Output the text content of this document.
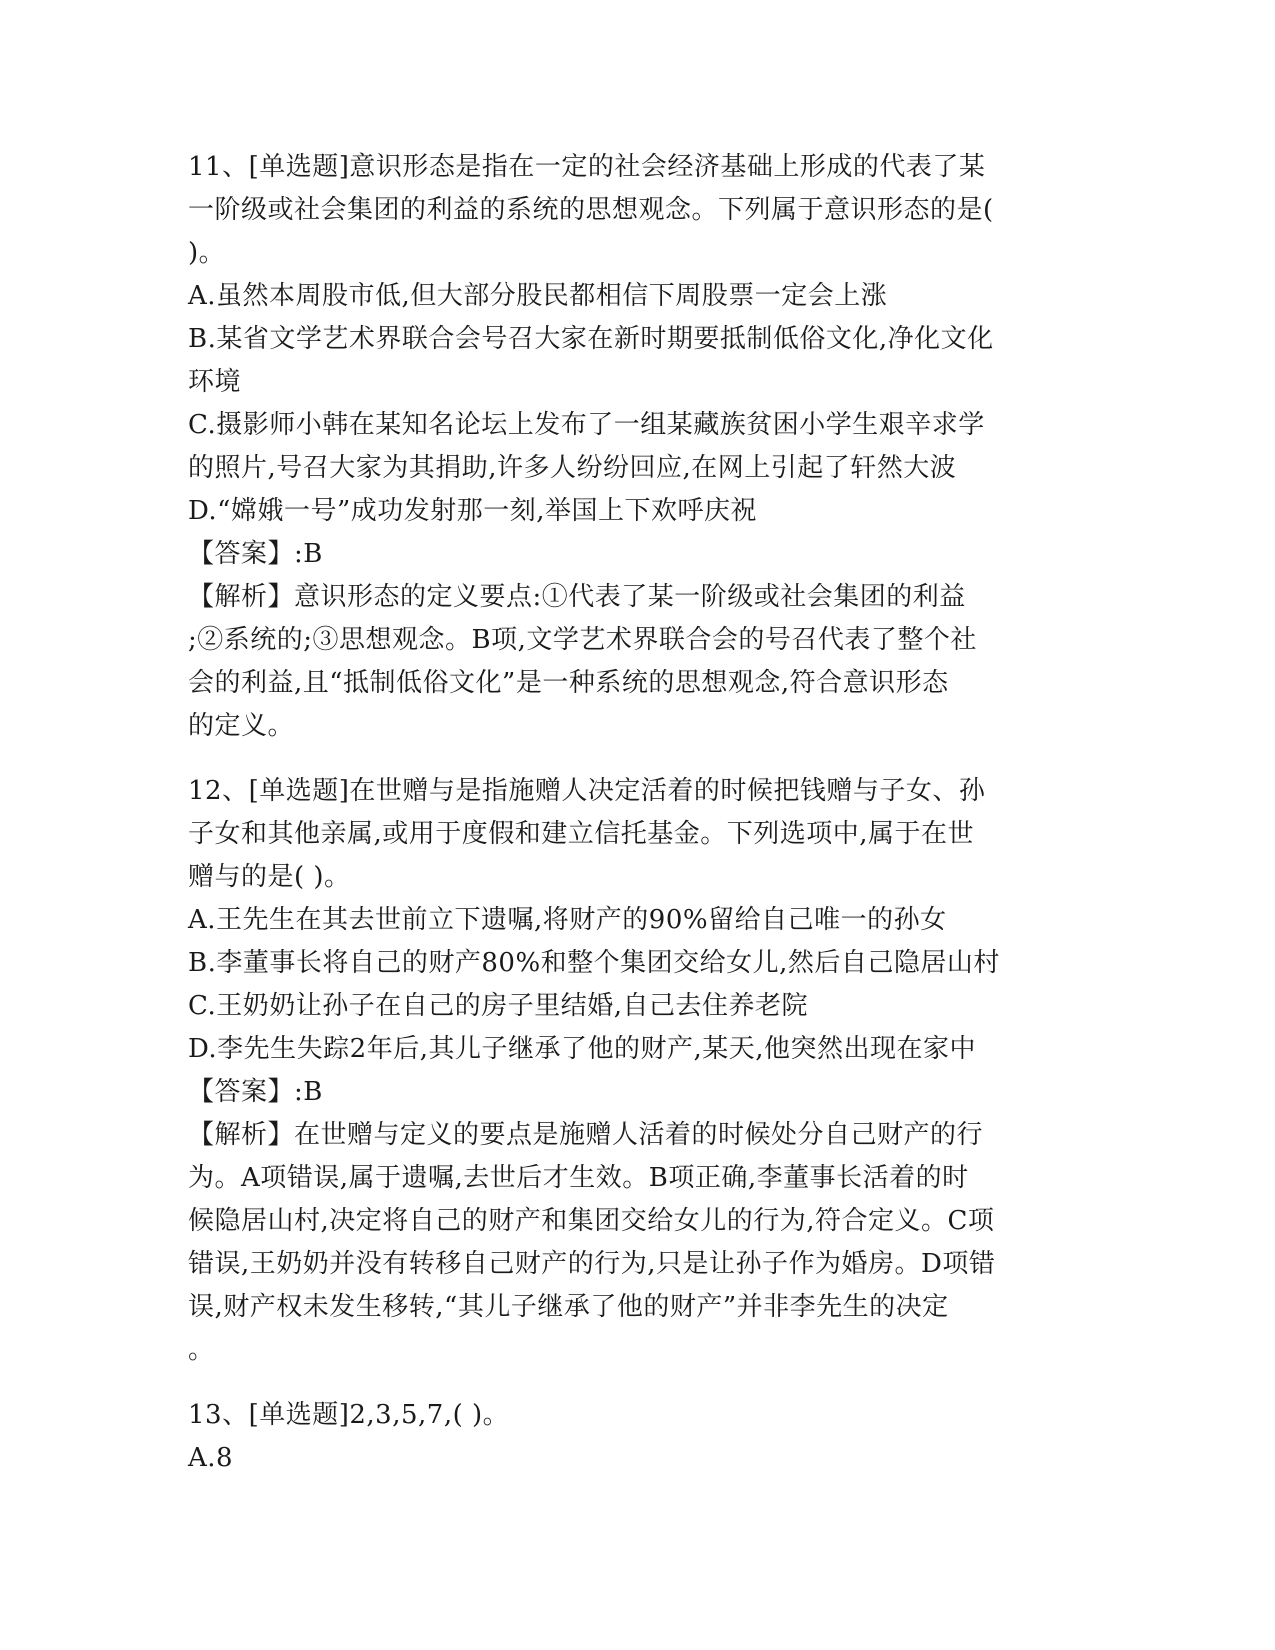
11、[单选题]意识形态是指在一定的社会经济基础上形成的代表了某
一阶级或社会集团的利益的系统的思想观念。下列属于意识形态的是(
)。
A.虽然本周股市低,但大部分股民都相信下周股票一定会上涨
B.某省文学艺术界联合会号召大家在新时期要抵制低俗文化,净化文化
环境
C.摄影师小韩在某知名论坛上发布了一组某藏族贫困小学生艰辛求学
的照片,号召大家为其捐助,许多人纷纷回应,在网上引起了轩然大波
D.“嫦娥一号”成功发射那一刻,举国上下欢呼庆祝
【答案】:B
【解析】意识形态的定义要点:①代表了某一阶级或社会集团的利益
;②系统的;③思想观念。B项,文学艺术界联合会的号召代表了整个社
会的利益,且“抵制低俗文化”是一种系统的思想观念,符合意识形态
的定义。
12、[单选题]在世赠与是指施赠人决定活着的时候把钱赠与子女、孙
子女和其他亲属,或用于度假和建立信托基金。下列选项中,属于在世
赠与的是( )。
A.王先生在其去世前立下遗嘱,将财产的90%留给自己唯一的孙女
B.李董事长将自己的财产80%和整个集团交给女儿,然后自己隐居山村
C.王奶奶让孙子在自己的房子里结婚,自己去住养老院
D.李先生失踪2年后,其儿子继承了他的财产,某天,他突然出现在家中
【答案】:B
【解析】在世赠与定义的要点是施赠人活着的时候处分自己财产的行
为。A项错误,属于遗嘱,去世后才生效。B项正确,李董事长活着的时
候隐居山村,决定将自己的财产和集团交给女儿的行为,符合定义。C项
错误,王奶奶并没有转移自己财产的行为,只是让孙子作为婚房。D项错
误,财产权未发生移转,“其儿子继承了他的财产”并非李先生的决定
。
13、[单选题]2,3,5,7,( )。
A.8
